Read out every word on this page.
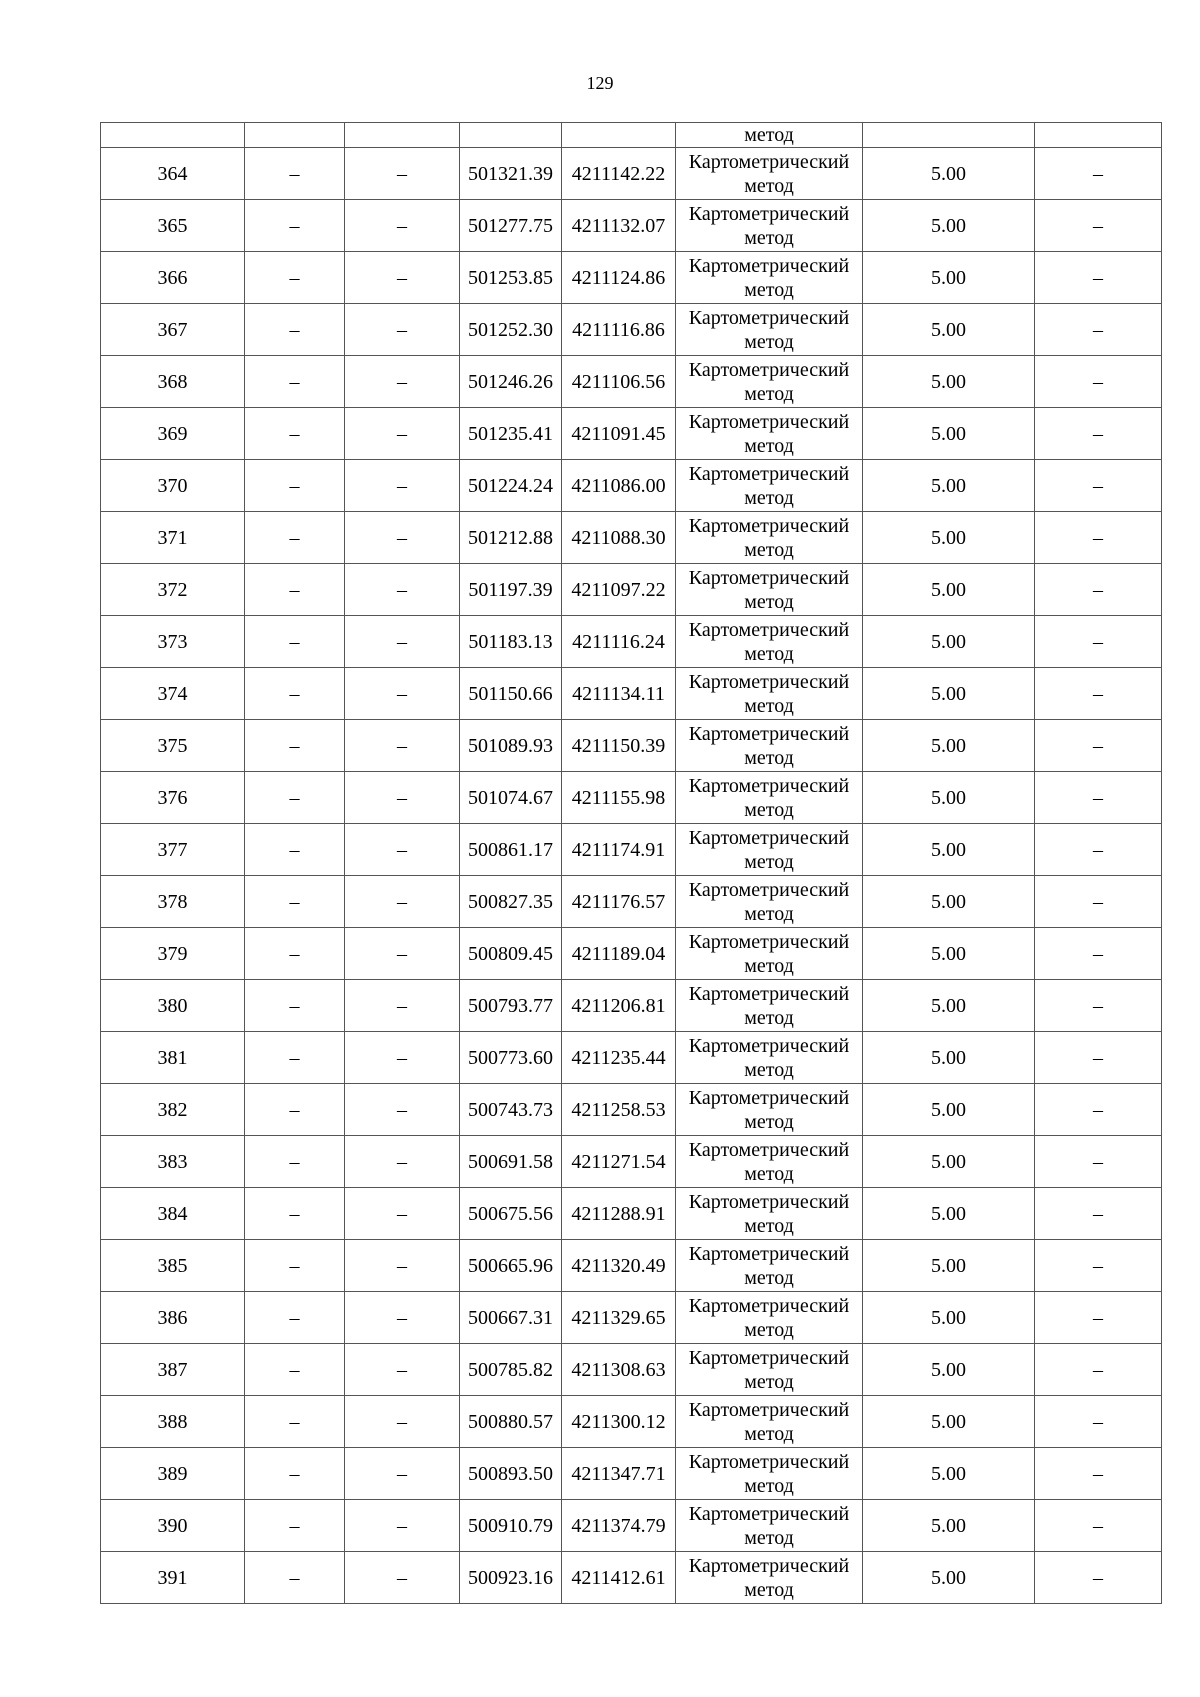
129
					метод		
364	–	–	501321.39	4211142.22	Картометрический
метод	5.00	–
365	–	–	501277.75	4211132.07	Картометрический
метод	5.00	–
366	–	–	501253.85	4211124.86	Картометрический
метод	5.00	–
367	–	–	501252.30	4211116.86	Картометрический
метод	5.00	–
368	–	–	501246.26	4211106.56	Картометрический
метод	5.00	–
369	–	–	501235.41	4211091.45	Картометрический
метод	5.00	–
370	–	–	501224.24	4211086.00	Картометрический
метод	5.00	–
371	–	–	501212.88	4211088.30	Картометрический
метод	5.00	–
372	–	–	501197.39	4211097.22	Картометрический
метод	5.00	–
373	–	–	501183.13	4211116.24	Картометрический
метод	5.00	–
374	–	–	501150.66	4211134.11	Картометрический
метод	5.00	–
375	–	–	501089.93	4211150.39	Картометрический
метод	5.00	–
376	–	–	501074.67	4211155.98	Картометрический
метод	5.00	–
377	–	–	500861.17	4211174.91	Картометрический
метод	5.00	–
378	–	–	500827.35	4211176.57	Картометрический
метод	5.00	–
379	–	–	500809.45	4211189.04	Картометрический
метод	5.00	–
380	–	–	500793.77	4211206.81	Картометрический
метод	5.00	–
381	–	–	500773.60	4211235.44	Картометрический
метод	5.00	–
382	–	–	500743.73	4211258.53	Картометрический
метод	5.00	–
383	–	–	500691.58	4211271.54	Картометрический
метод	5.00	–
384	–	–	500675.56	4211288.91	Картометрический
метод	5.00	–
385	–	–	500665.96	4211320.49	Картометрический
метод	5.00	–
386	–	–	500667.31	4211329.65	Картометрический
метод	5.00	–
387	–	–	500785.82	4211308.63	Картометрический
метод	5.00	–
388	–	–	500880.57	4211300.12	Картометрический
метод	5.00	–
389	–	–	500893.50	4211347.71	Картометрический
метод	5.00	–
390	–	–	500910.79	4211374.79	Картометрический
метод	5.00	–
391	–	–	500923.16	4211412.61	Картометрический
метод	5.00	–
